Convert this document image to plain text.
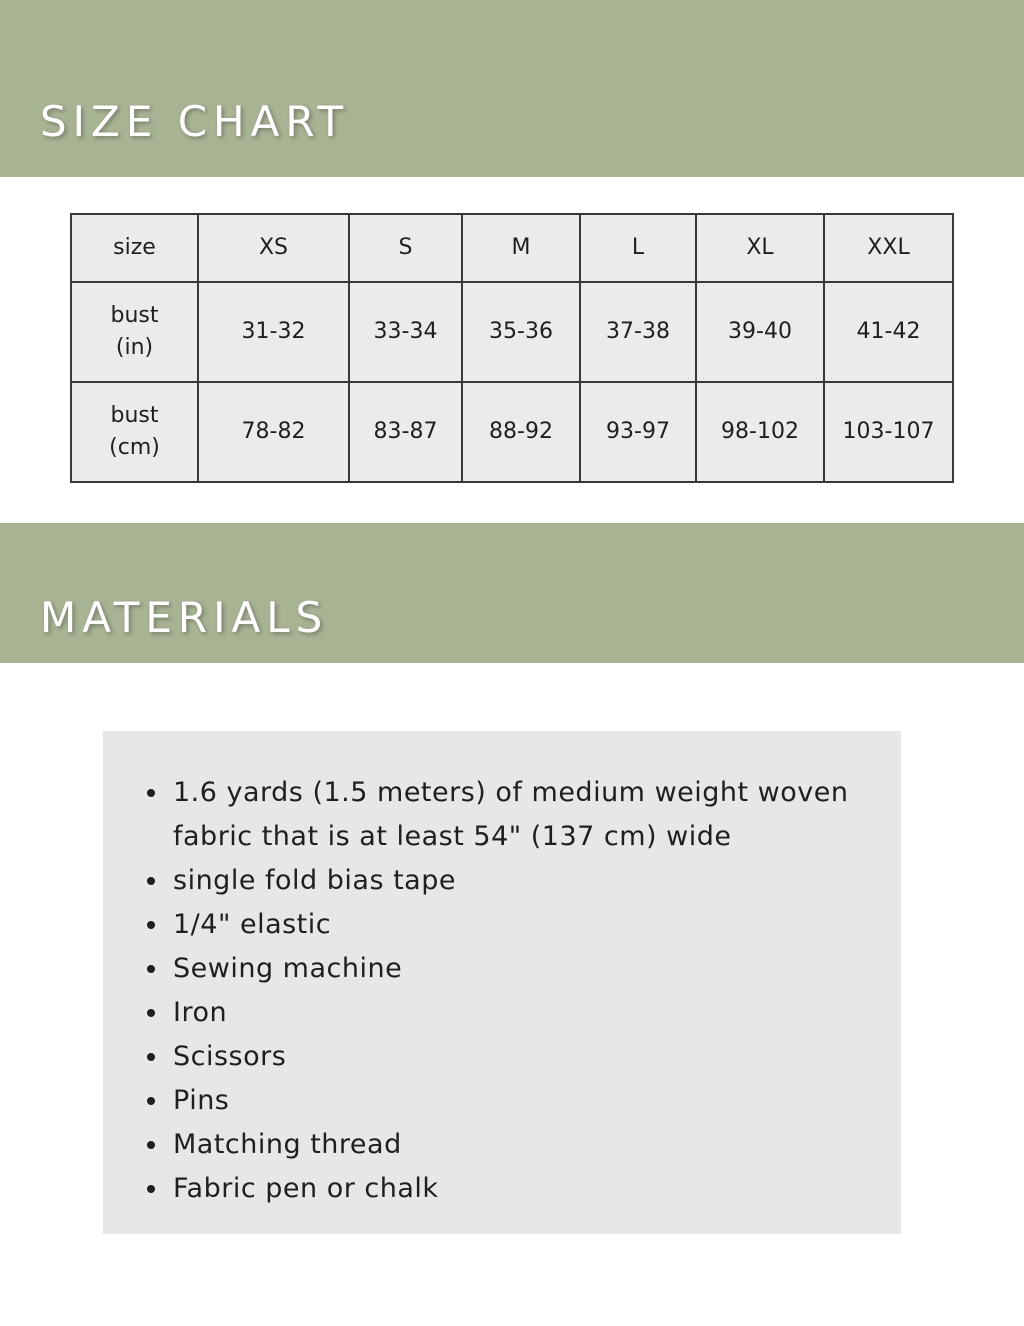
SIZE CHART
size	XS	S	M	L	XL	XXL
bust
(in)	31-32	33-34	35-36	37-38	39-40	41-42
bust
(cm)	78-82	83-87	88-92	93-97	98-102	103-107
MATERIALS
1.6 yards (1.5 meters) of medium weight woven fabric that is at least 54" (137 cm) wide
single fold bias tape
1/4" elastic
Sewing machine
Iron
Scissors
Pins
Matching thread
Fabric pen or chalk
